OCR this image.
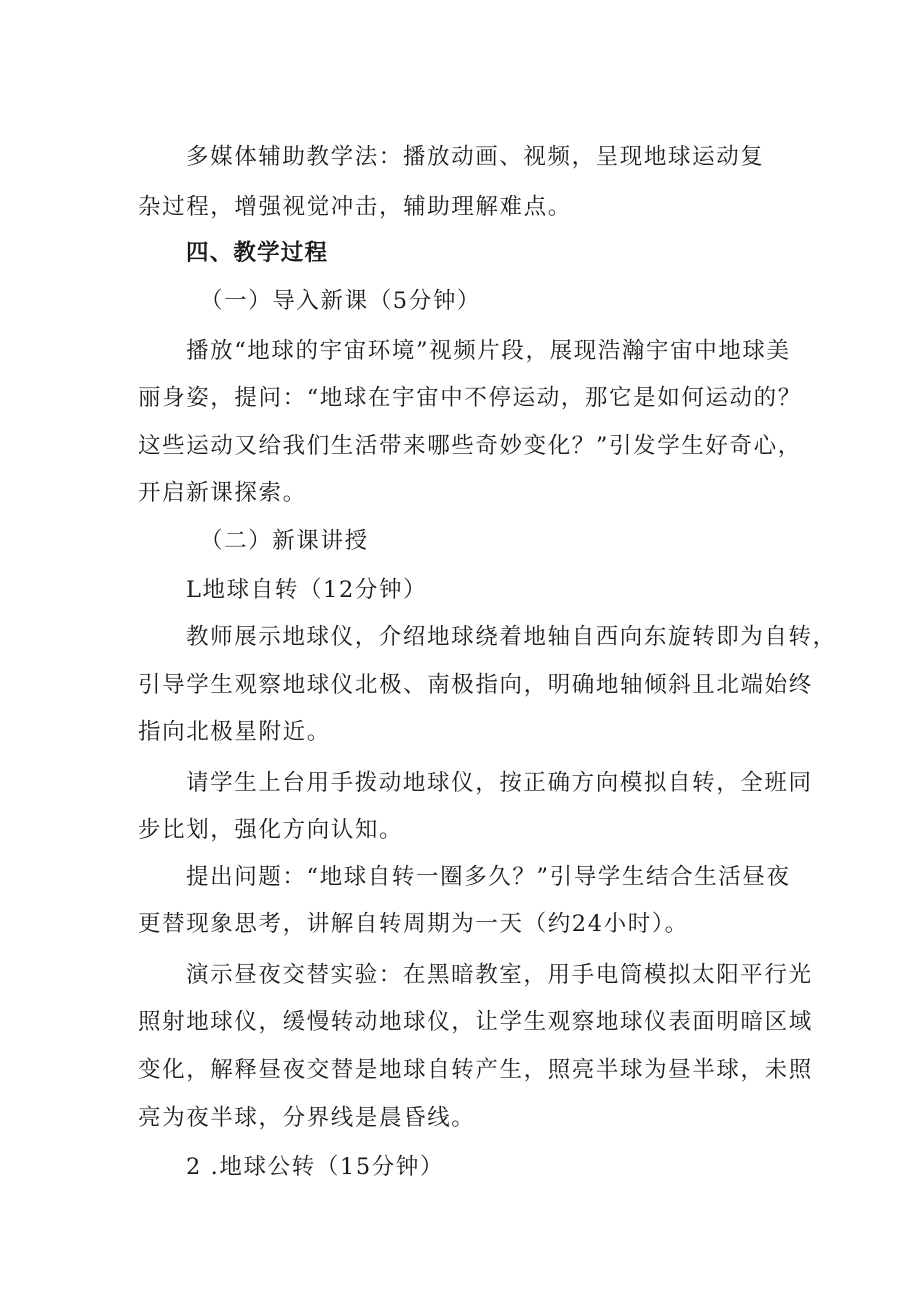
多媒体辅助教学法：播放动画、视频，呈现地球运动复
杂过程，增强视觉冲击，辅助理解难点。
四、教学过程
（一）导入新课（5分钟）
播放“地球的宇宙环境”视频片段，展现浩瀚宇宙中地球美
丽身姿，提问：“地球在宇宙中不停运动，那它是如何运动的？
这些运动又给我们生活带来哪些奇妙变化？”引发学生好奇心，
开启新课探索。
（二）新课讲授
L地球自转（12分钟）
教师展示地球仪，介绍地球绕着地轴自西向东旋转即为自转，
引导学生观察地球仪北极、南极指向，明确地轴倾斜且北端始终
指向北极星附近。
请学生上台用手拨动地球仪，按正确方向模拟自转，全班同
步比划，强化方向认知。
提出问题：“地球自转一圈多久？”引导学生结合生活昼夜
更替现象思考，讲解自转周期为一天（约24小时）。
演示昼夜交替实验：在黑暗教室，用手电筒模拟太阳平行光
照射地球仪，缓慢转动地球仪，让学生观察地球仪表面明暗区域
变化，解释昼夜交替是地球自转产生，照亮半球为昼半球，未照
亮为夜半球，分界线是晨昏线。
2 .地球公转（15分钟）
